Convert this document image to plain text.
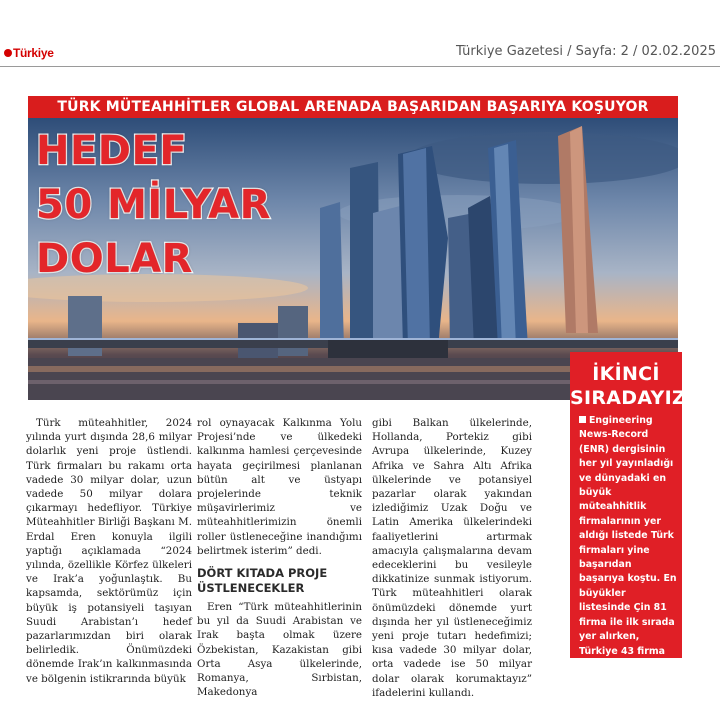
Türkiye	Türkiye Gazetesi / Sayfa: 2 / 02.02.2025
TÜRK MÜTEAHHİTLER GLOBAL ARENADA BAŞARIDAN BAŞARIYA KOŞUYOR
HEDEF
50 MİLYAR
DOLAR
İKİNCİ
SIRADAYIZ
Engineering News-Record (ENR) dergisinin her yıl yayınladığı ve dünyadaki en büyük müteahhitlik firmalarının yer aldığı listede Türk firmaları yine başarıdan başarıya koştu. En büyükler listesinde Çin 81 firma ile ilk sırada yer alırken, Türkiye 43 firma ile ikinci, ABD 39 firma ile üçüncü sırada yer aldı.

Türk müteahhitler, 2024 yılında yurt dışında 28,6 milyar dolarlık yeni proje üstlendi. Türk firmaları bu rakamı orta vadede 30 milyar dolar, uzun vadede 50 milyar dolara çıkarmayı hedefliyor. Türkiye Müteahhitler Birliği Başkanı M. Erdal Eren konuyla ilgili yaptığı açıklamada “2024 yılında, özellikle Körfez ülkeleri ve Irak’a yoğunlaştık. Bu kapsamda, sektörümüz için büyük iş potansiyeli taşıyan Suudi Arabistan’ı hedef pazarlarımızdan biri olarak belirledik. Önümüzdeki dönemde Irak’ın kalkınmasında ve bölgenin istikrarında büyük

rol oynayacak Kalkınma Yolu Projesi’nde ve ülkedeki kalkınma hamlesi çerçevesinde hayata geçirilmesi planlanan bütün alt ve üstyapı projelerinde teknik müşavirlerimiz ve müteahhitlerimizin önemli roller üstleneceğine inandığımı belirtmek isterim” dedi.

DÖRT KITADA PROJE ÜSTLENECEKLER

Eren “Türk müteahhitlerinin bu yıl da Suudi Arabistan ve Irak başta olmak üzere Özbekistan, Kazakistan gibi Orta Asya ülkelerinde, Romanya, Sırbistan, Makedonya

gibi Balkan ülkelerinde, Hollanda, Portekiz gibi Avrupa ülkelerinde, Kuzey Afrika ve Sahra Altı Afrika ülkelerinde ve potansiyel pazarlar olarak yakından izlediğimiz Uzak Doğu ve Latin Amerika ülkelerindeki faaliyetlerini artırmak amacıyla çalışmalarına devam edeceklerini bu vesileyle dikkatinize sunmak istiyorum. Türk müteahhitleri olarak önümüzdeki dönemde yurt dışında her yıl üstleneceğimiz yeni proje tutarı hedefimizi; kısa vadede 30 milyar dolar, orta vadede ise 50 milyar dolar olarak korumaktayız” ifadelerini kullandı.
